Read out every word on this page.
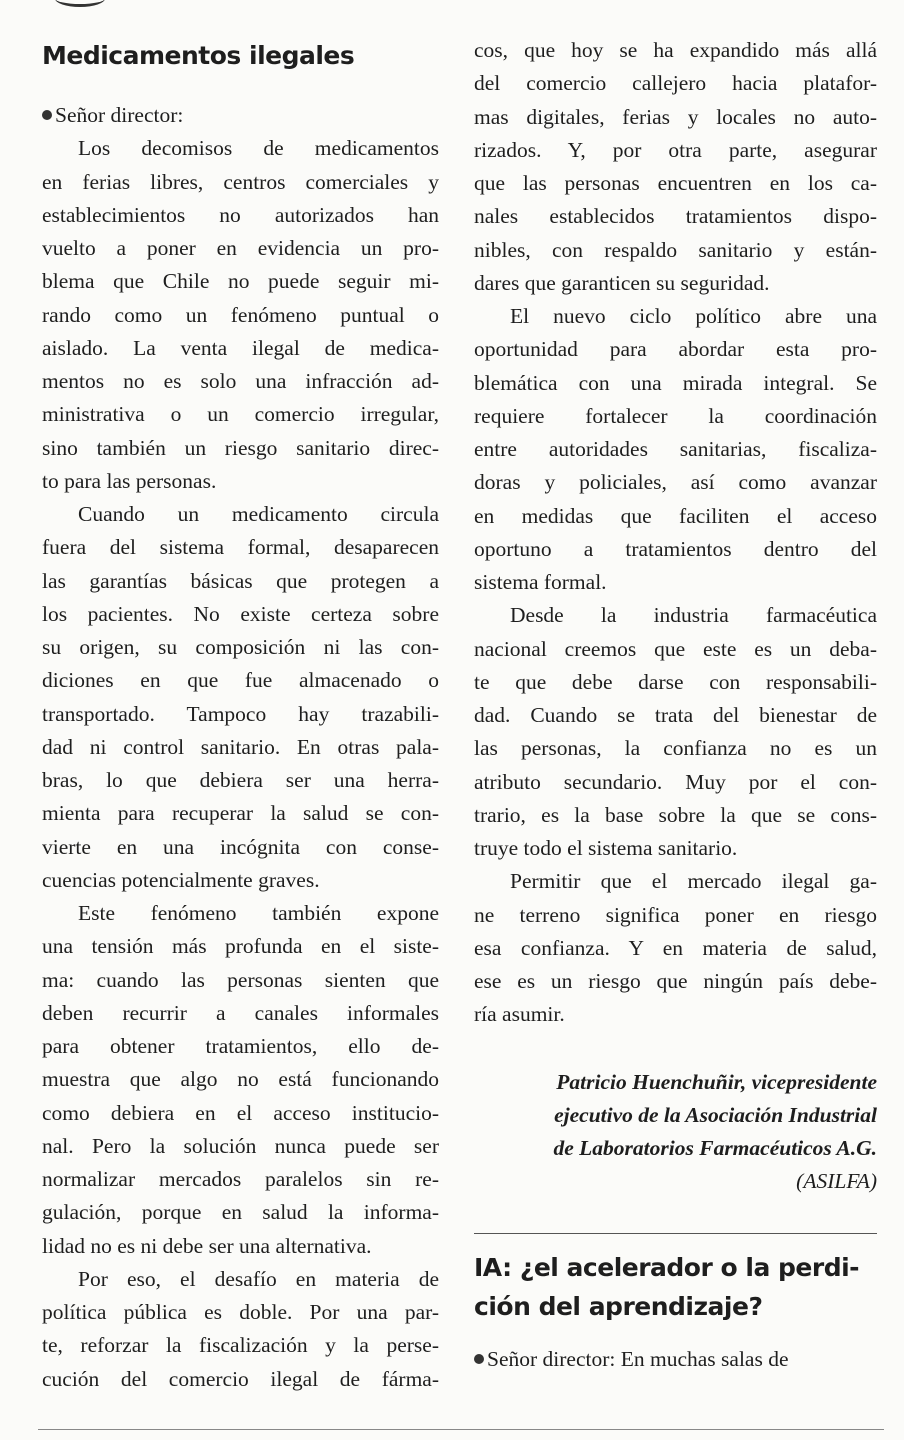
Medicamentos ilegales
Señor director:
Los decomisos de medicamentos
en ferias libres, centros comerciales y
establecimientos no autorizados han
vuelto a poner en evidencia un pro-
blema que Chile no puede seguir mi-
rando como un fenómeno puntual o
aislado. La venta ilegal de medica-
mentos no es solo una infracción ad-
ministrativa o un comercio irregular,
sino también un riesgo sanitario direc-
to para las personas.
Cuando un medicamento circula
fuera del sistema formal, desaparecen
las garantías básicas que protegen a
los pacientes. No existe certeza sobre
su origen, su composición ni las con-
diciones en que fue almacenado o
transportado. Tampoco hay trazabili-
dad ni control sanitario. En otras pala-
bras, lo que debiera ser una herra-
mienta para recuperar la salud se con-
vierte en una incógnita con conse-
cuencias potencialmente graves.
Este fenómeno también expone
una tensión más profunda en el siste-
ma: cuando las personas sienten que
deben recurrir a canales informales
para obtener tratamientos, ello de-
muestra que algo no está funcionando
como debiera en el acceso institucio-
nal. Pero la solución nunca puede ser
normalizar mercados paralelos sin re-
gulación, porque en salud la informa-
lidad no es ni debe ser una alternativa.
Por eso, el desafío en materia de
política pública es doble. Por una par-
te, reforzar la fiscalización y la perse-
cución del comercio ilegal de fárma-
cos, que hoy se ha expandido más allá
del comercio callejero hacia platafor-
mas digitales, ferias y locales no auto-
rizados. Y, por otra parte, asegurar
que las personas encuentren en los ca-
nales establecidos tratamientos dispo-
nibles, con respaldo sanitario y están-
dares que garanticen su seguridad.
El nuevo ciclo político abre una
oportunidad para abordar esta pro-
blemática con una mirada integral. Se
requiere fortalecer la coordinación
entre autoridades sanitarias, fiscaliza-
doras y policiales, así como avanzar
en medidas que faciliten el acceso
oportuno a tratamientos dentro del
sistema formal.
Desde la industria farmacéutica
nacional creemos que este es un deba-
te que debe darse con responsabili-
dad. Cuando se trata del bienestar de
las personas, la confianza no es un
atributo secundario. Muy por el con-
trario, es la base sobre la que se cons-
truye todo el sistema sanitario.
Permitir que el mercado ilegal ga-
ne terreno significa poner en riesgo
esa confianza. Y en materia de salud,
ese es un riesgo que ningún país debe-
ría asumir.
Patricio Huenchuñir, vicepresidente
ejecutivo de la Asociación Industrial
de Laboratorios Farmacéuticos A.G.
(ASILFA)
IA: ¿el acelerador o la perdi-
ción del aprendizaje?
Señor director: En muchas salas de
